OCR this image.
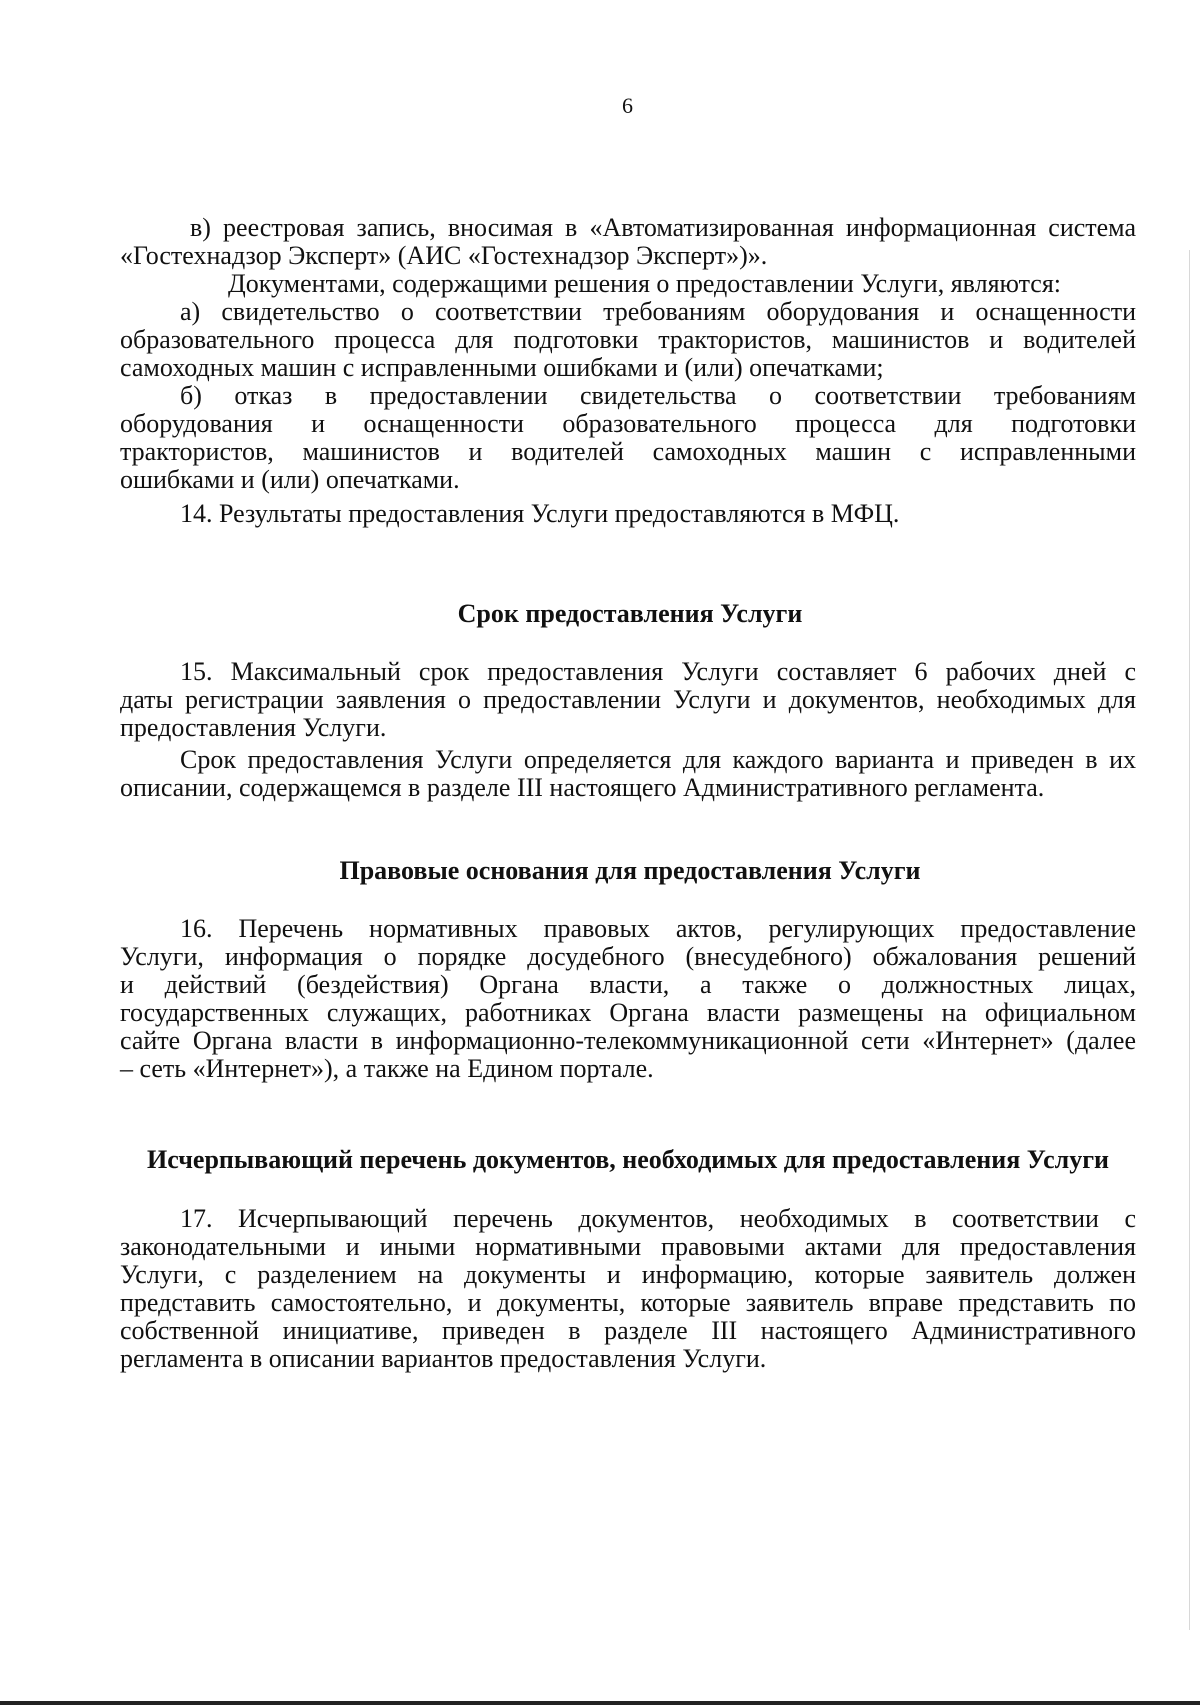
6
в) реестровая запись, вносимая в «Автоматизированная информационная система
«Гостехнадзор Эксперт» (АИС «Гостехнадзор Эксперт»)».
Документами, содержащими решения о предоставлении Услуги, являются:
а) свидетельство о соответствии требованиям оборудования и оснащенности
образовательного процесса для подготовки трактористов, машинистов и водителей
самоходных машин с исправленными ошибками и (или) опечатками;
б) отказ в предоставлении свидетельства о соответствии требованиям
оборудования и оснащенности образовательного процесса для подготовки
трактористов, машинистов и водителей самоходных машин с исправленными
ошибками и (или) опечатками.
14. Результаты предоставления Услуги предоставляются в МФЦ.
Срок предоставления Услуги
15. Максимальный срок предоставления Услуги составляет 6 рабочих дней с
даты регистрации заявления о предоставлении Услуги и документов, необходимых для
предоставления Услуги.
Срок предоставления Услуги определяется для каждого варианта и приведен в их
описании, содержащемся в разделе III настоящего Административного регламента.
Правовые основания для предоставления Услуги
16. Перечень нормативных правовых актов, регулирующих предоставление
Услуги, информация о порядке досудебного (внесудебного) обжалования решений
и действий (бездействия) Органа власти, а также о должностных лицах,
государственных служащих, работниках Органа власти размещены на официальном
сайте Органа власти в информационно-телекоммуникационной сети «Интернет» (далее
– сеть «Интернет»), а также на Едином портале.
Исчерпывающий перечень документов, необходимых для предоставления Услуги
17. Исчерпывающий перечень документов, необходимых в соответствии с
законодательными и иными нормативными правовыми актами для предоставления
Услуги, с разделением на документы и информацию, которые заявитель должен
представить самостоятельно, и документы, которые заявитель вправе представить по
собственной инициативе, приведен в разделе III настоящего Административного
регламента в описании вариантов предоставления Услуги.
